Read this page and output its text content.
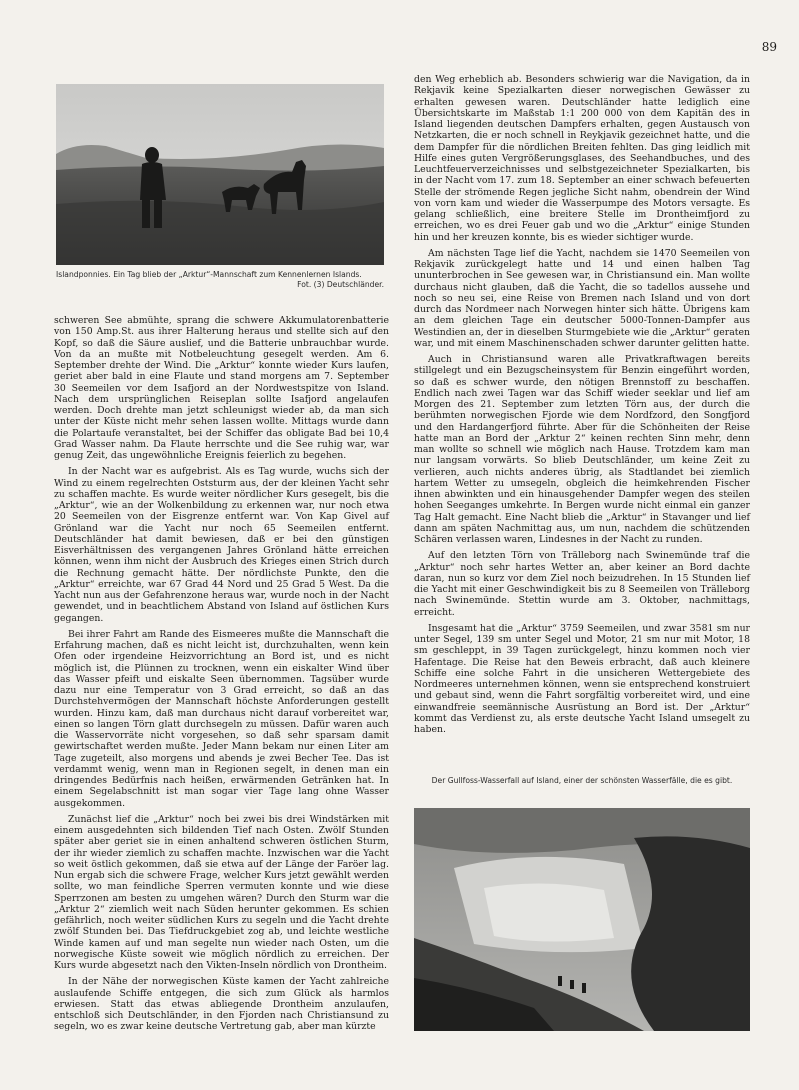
89
Islandponnies. Ein Tag blieb der „Arktur“-Mannschaft zum Kennenlernen Islands.
Fot. (3) Deutschländer.

schweren See abmühte, sprang die schwere Akkumulatorenbatterie von 150 Amp.St. aus ihrer Halterung heraus und stellte sich auf den Kopf, so daß die Säure auslief, und die Batterie unbrauchbar wurde. Von da an mußte mit Notbeleuchtung gesegelt werden. Am 6. September drehte der Wind. Die „Arktur“ konnte wieder Kurs laufen, geriet aber bald in eine Flaute und stand morgens am 7. September 30 Seemeilen vor dem Isafjord an der Nordwestspitze von Island. Nach dem ursprünglichen Reiseplan sollte Isafjord angelaufen werden. Doch drehte man jetzt schleunigst wieder ab, da man sich unter der Küste nicht mehr sehen lassen wollte. Mittags wurde dann die Polartaufe veranstaltet, bei der Schiffer das obligate Bad bei 10,4 Grad Wasser nahm. Da Flaute herrschte und die See ruhig war, war genug Zeit, das ungewöhnliche Ereignis feierlich zu begehen.

In der Nacht war es aufgebrist. Als es Tag wurde, wuchs sich der Wind zu einem regelrechten Oststurm aus, der der kleinen Yacht sehr zu schaffen machte. Es wurde weiter nördlicher Kurs gesegelt, bis die „Arktur“, wie an der Wolkenbildung zu erkennen war, nur noch etwa 20 Seemeilen von der Eisgrenze entfernt war. Von Kap Givel auf Grönland war die Yacht nur noch 65 Seemeilen entfernt. Deutschländer hat damit bewiesen, daß er bei den günstigen Eisverhältnissen des vergangenen Jahres Grönland hätte erreichen können, wenn ihm nicht der Ausbruch des Krieges einen Strich durch die Rechnung gemacht hätte. Der nördlichste Punkte, den die „Arktur“ erreichte, war 67 Grad 44 Nord und 25 Grad 5 West. Da die Yacht nun aus der Gefahrenzone heraus war, wurde noch in der Nacht gewendet, und in beachtlichem Abstand von Island auf östlichen Kurs gegangen.

Bei ihrer Fahrt am Rande des Eismeeres mußte die Mannschaft die Erfahrung machen, daß es nicht leicht ist, durchzuhalten, wenn kein Ofen oder irgendeine Heizvorrichtung an Bord ist, und es nicht möglich ist, die Plünnen zu trocknen, wenn ein eiskalter Wind über das Wasser pfeift und eiskalte Seen übernommen. Tagsüber wurde dazu nur eine Temperatur von 3 Grad erreicht, so daß an das Durchstehvermögen der Mannschaft höchste Anforderungen gestellt wurden. Hinzu kam, daß man durchaus nicht darauf vorbereitet war, einen so langen Törn glatt durchsegeln zu müssen. Dafür waren auch die Wasservorräte nicht vorgesehen, so daß sehr sparsam damit gewirtschaftet werden mußte. Jeder Mann bekam nur einen Liter am Tage zugeteilt, also morgens und abends je zwei Becher Tee. Das ist verdammt wenig, wenn man in Regionen segelt, in denen man ein dringendes Bedürfnis nach heißen, erwärmenden Getränken hat. In einem Segelabschnitt ist man sogar vier Tage lang ohne Wasser ausgekommen.

Zunächst lief die „Arktur“ noch bei zwei bis drei Windstärken mit einem ausgedehnten sich bildenden Tief nach Osten. Zwölf Stunden später aber geriet sie in einen anhaltend schweren östlichen Sturm, der ihr wieder ziemlich zu schaffen machte. Inzwischen war die Yacht so weit östlich gekommen, daß sie etwa auf der Länge der Faröer lag. Nun ergab sich die schwere Frage, welcher Kurs jetzt gewählt werden sollte, wo man feindliche Sperren vermuten konnte und wie diese Sperrzonen am besten zu umgehen wären? Durch den Sturm war die „Arktur 2“ ziemlich weit nach Süden herunter gekommen. Es schien gefährlich, noch weiter südlichen Kurs zu segeln und die Yacht drehte zwölf Stunden bei. Das Tiefdruckgebiet zog ab, und leichte westliche Winde kamen auf und man segelte nun wieder nach Osten, um die norwegische Küste soweit wie möglich nördlich zu erreichen. Der Kurs wurde abgesetzt nach den Vikten-Inseln nördlich von Drontheim.

In der Nähe der norwegischen Küste kamen der Yacht zahlreiche auslaufende Schiffe entgegen, die sich zum Glück als harmlos erwiesen. Statt das etwas abliegende Drontheim anzulaufen, entschloß sich Deutschländer, in den Fjorden nach Christiansund zu segeln, wo es zwar keine deutsche Vertretung gab, aber man kürzte

den Weg erheblich ab. Besonders schwierig war die Navigation, da in Rekjavik keine Spezialkarten dieser norwegischen Gewässer zu erhalten gewesen waren. Deutschländer hatte lediglich eine Übersichtskarte im Maßstab 1:1 200 000 von dem Kapitän des in Island liegenden deutschen Dampfers erhalten, gegen Austausch von Netzkarten, die er noch schnell in Reykjavik gezeichnet hatte, und die dem Dampfer für die nördlichen Breiten fehlten. Das ging leidlich mit Hilfe eines guten Vergrößerungsglases, des Seehandbuches, und des Leuchtfeuerverzeichnisses und selbstgezeichneter Spezialkarten, bis in der Nacht vom 17. zum 18. September an einer schwach befeuerten Stelle der strömende Regen jegliche Sicht nahm, obendrein der Wind von vorn kam und wieder die Wasserpumpe des Motors versagte. Es gelang schließlich, eine breitere Stelle im Drontheimfjord zu erreichen, wo es drei Feuer gab und wo die „Arktur“ einige Stunden hin und her kreuzen konnte, bis es wieder sichtiger wurde.

Am nächsten Tage lief die Yacht, nachdem sie 1470 Seemeilen von Rekjavik zurückgelegt hatte und 14 und einen halben Tag ununterbrochen in See gewesen war, in Christiansund ein. Man wollte durchaus nicht glauben, daß die Yacht, die so tadellos aussehe und noch so neu sei, eine Reise von Bremen nach Island und von dort durch das Nordmeer nach Norwegen hinter sich hätte. Übrigens kam an dem gleichen Tage ein deutscher 5000-Tonnen-Dampfer aus Westindien an, der in dieselben Sturmgebiete wie die „Arktur“ geraten war, und mit einem Maschinenschaden schwer darunter gelitten hatte.

Auch in Christiansund waren alle Privatkraftwagen bereits stillgelegt und ein Bezugscheinsystem für Benzin eingeführt worden, so daß es schwer wurde, den nötigen Brennstoff zu beschaffen. Endlich nach zwei Tagen war das Schiff wieder seeklar und lief am Morgen des 21. September zum letzten Törn aus, der durch die berühmten norwegischen Fjorde wie dem Nordfzord, den Songfjord und den Hardangerfjord führte. Aber für die Schönheiten der Reise hatte man an Bord der „Arktur 2“ keinen rechten Sinn mehr, denn man wollte so schnell wie möglich nach Hause. Trotzdem kam man nur langsam vorwärts. So blieb Deutschländer, um keine Zeit zu verlieren, auch nichts anderes übrig, als Stadtlandet bei ziemlich hartem Wetter zu umsegeln, obgleich die heimkehrenden Fischer ihnen abwinkten und ein hinausgehender Dampfer wegen des steilen hohen Seeganges umkehrte. In Bergen wurde nicht einmal ein ganzer Tag Halt gemacht. Eine Nacht blieb die „Arktur“ in Stavanger und lief dann am späten Nachmittag aus, um nun, nachdem die schützenden Schären verlassen waren, Lindesnes in der Nacht zu runden.

Auf den letzten Törn von Trälleborg nach Swinemünde traf die „Arktur“ noch sehr hartes Wetter an, aber keiner an Bord dachte daran, nun so kurz vor dem Ziel noch beizudrehen. In 15 Stunden lief die Yacht mit einer Geschwindigkeit bis zu 8 Seemeilen von Trälleborg nach Swinemünde. Stettin wurde am 3. Oktober, nachmittags, erreicht.

Insgesamt hat die „Arktur“ 3759 Seemeilen, und zwar 3581 sm nur unter Segel, 139 sm unter Segel und Motor, 21 sm nur mit Motor, 18 sm geschleppt, in 39 Tagen zurückgelegt, hinzu kommen noch vier Hafentage. Die Reise hat den Beweis erbracht, daß auch kleinere Schiffe eine solche Fahrt in die unsicheren Wettergebiete des Nordmeeres unternehmen können, wenn sie entsprechend konstruiert und gebaut sind, wenn die Fahrt sorgfältig vorbereitet wird, und eine einwandfreie seemännische Ausrüstung an Bord ist. Der „Arktur“ kommt das Verdienst zu, als erste deutsche Yacht Island umsegelt zu haben.

Der Gullfoss-Wasserfall auf Island, einer der schönsten Wasserfälle, die es gibt.
